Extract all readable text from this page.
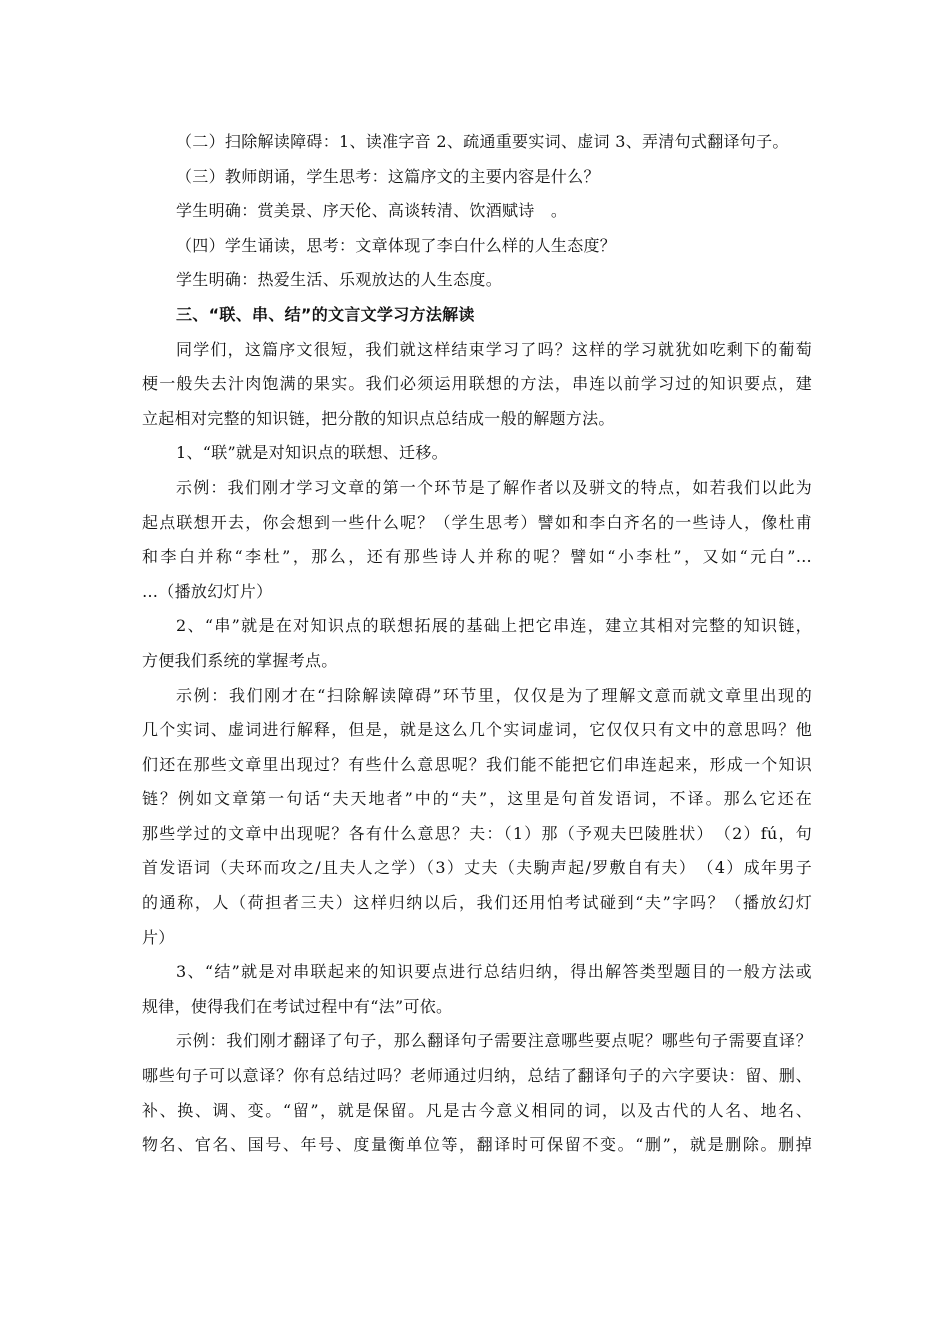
（二）扫除解读障碍：1、读准字音 2、疏通重要实词、虚词 3、弄清句式翻译句子。
（三）教师朗诵，学生思考：这篇序文的主要内容是什么？
学生明确：赏美景、序天伦、高谈转清、饮酒赋诗　。
（四）学生诵读，思考：文章体现了李白什么样的人生态度？
学生明确：热爱生活、乐观放达的人生态度。
三、“联、串、结”的文言文学习方法解读
同学们，这篇序文很短，我们就这样结束学习了吗？这样的学习就犹如吃剩下的葡萄
梗一般失去汁肉饱满的果实。我们必须运用联想的方法，串连以前学习过的知识要点，建
立起相对完整的知识链，把分散的知识点总结成一般的解题方法。
1、“联”就是对知识点的联想、迁移。
示例：我们刚才学习文章的第一个环节是了解作者以及骈文的特点，如若我们以此为
起点联想开去，你会想到一些什么呢？（学生思考）譬如和李白齐名的一些诗人，像杜甫
和李白并称“李杜”，那么，还有那些诗人并称的呢？譬如“小李杜”，又如“元白”…
…（播放幻灯片）
2、“串”就是在对知识点的联想拓展的基础上把它串连，建立其相对完整的知识链，
方便我们系统的掌握考点。
示例：我们刚才在“扫除解读障碍”环节里，仅仅是为了理解文意而就文章里出现的
几个实词、虚词进行解释，但是，就是这么几个实词虚词，它仅仅只有文中的意思吗？他
们还在那些文章里出现过？有些什么意思呢？我们能不能把它们串连起来，形成一个知识
链？例如文章第一句话“夫天地者”中的“夫”，这里是句首发语词，不译。那么它还在
那些学过的文章中出现呢？各有什么意思？夫：（1）那（予观夫巴陵胜状）　（2）fú，句
首发语词（夫环而攻之/且夫人之学）（3）丈夫（夫駒声起/罗敷自有夫）　（4）成年男子
的通称，人（荷担者三夫）这样归纳以后，我们还用怕考试碰到“夫”字吗？（播放幻灯
片）
3、“结”就是对串联起来的知识要点进行总结归纳，得出解答类型题目的一般方法或
规律，使得我们在考试过程中有“法”可依。
示例：我们刚才翻译了句子，那么翻译句子需要注意哪些要点呢？哪些句子需要直译？
哪些句子可以意译？你有总结过吗？老师通过归纳，总结了翻译句子的六字要诀：留、删、
补、换、调、变。“留”，就是保留。凡是古今意义相同的词，以及古代的人名、地名、
物名、官名、国号、年号、度量衡单位等，翻译时可保留不变。“删”，就是删除。删掉
